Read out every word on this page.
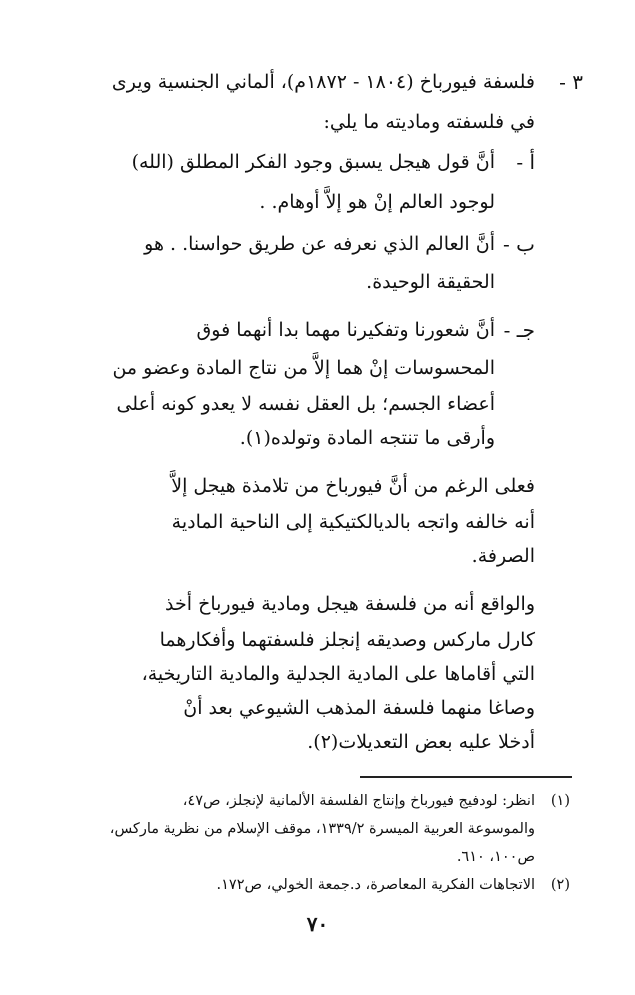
٣ -
فلسفة فيورباخ (١٨٠٤ - ١٨٧٢م)، ألماني الجنسية ويرى
في فلسفته وماديته ما يلي:
أ -
أنَّ قول هيجل يسبق وجود الفكر المطلق (الله)
لوجود العالم إنْ هو إلاَّ أوهام. .
ب -
أنَّ العالم الذي نعرفه عن طريق حواسنا. . هو
الحقيقة الوحيدة.
جـ -
أنَّ شعورنا وتفكيرنا مهما بدا أنهما فوق
المحسوسات إنْ هما إلاَّ من نتاج المادة وعضو من
أعضاء الجسم؛ بل العقل نفسه لا يعدو كونه أعلى
وأرقى ما تنتجه المادة وتولده(١).
فعلى الرغم من أنَّ فيورباخ من تلامذة هيجل إلاَّ
أنه خالفه واتجه بالديالكتيكية إلى الناحية المادية
الصرفة.
والواقع أنه من فلسفة هيجل ومادية فيورباخ أخذ
كارل ماركس وصديقه إنجلز فلسفتهما وأفكارهما
التي أقاماها على المادية الجدلية والمادية التاريخية،
وصاغا منهما فلسفة المذهب الشيوعي بعد أنْ
أدخلا عليه بعض التعديلات(٢).
(١)
انظر: لودفيج فيورباخ وإنتاج الفلسفة الألمانية لإنجلز، ص٤٧،
والموسوعة العربية الميسرة ١٣٣٩/٢، موقف الإسلام من نظرية ماركس،
ص١٠٠، ٦١٠.
(٢)
الاتجاهات الفكرية المعاصرة، د.جمعة الخولي، ص١٧٢.
٧٠
